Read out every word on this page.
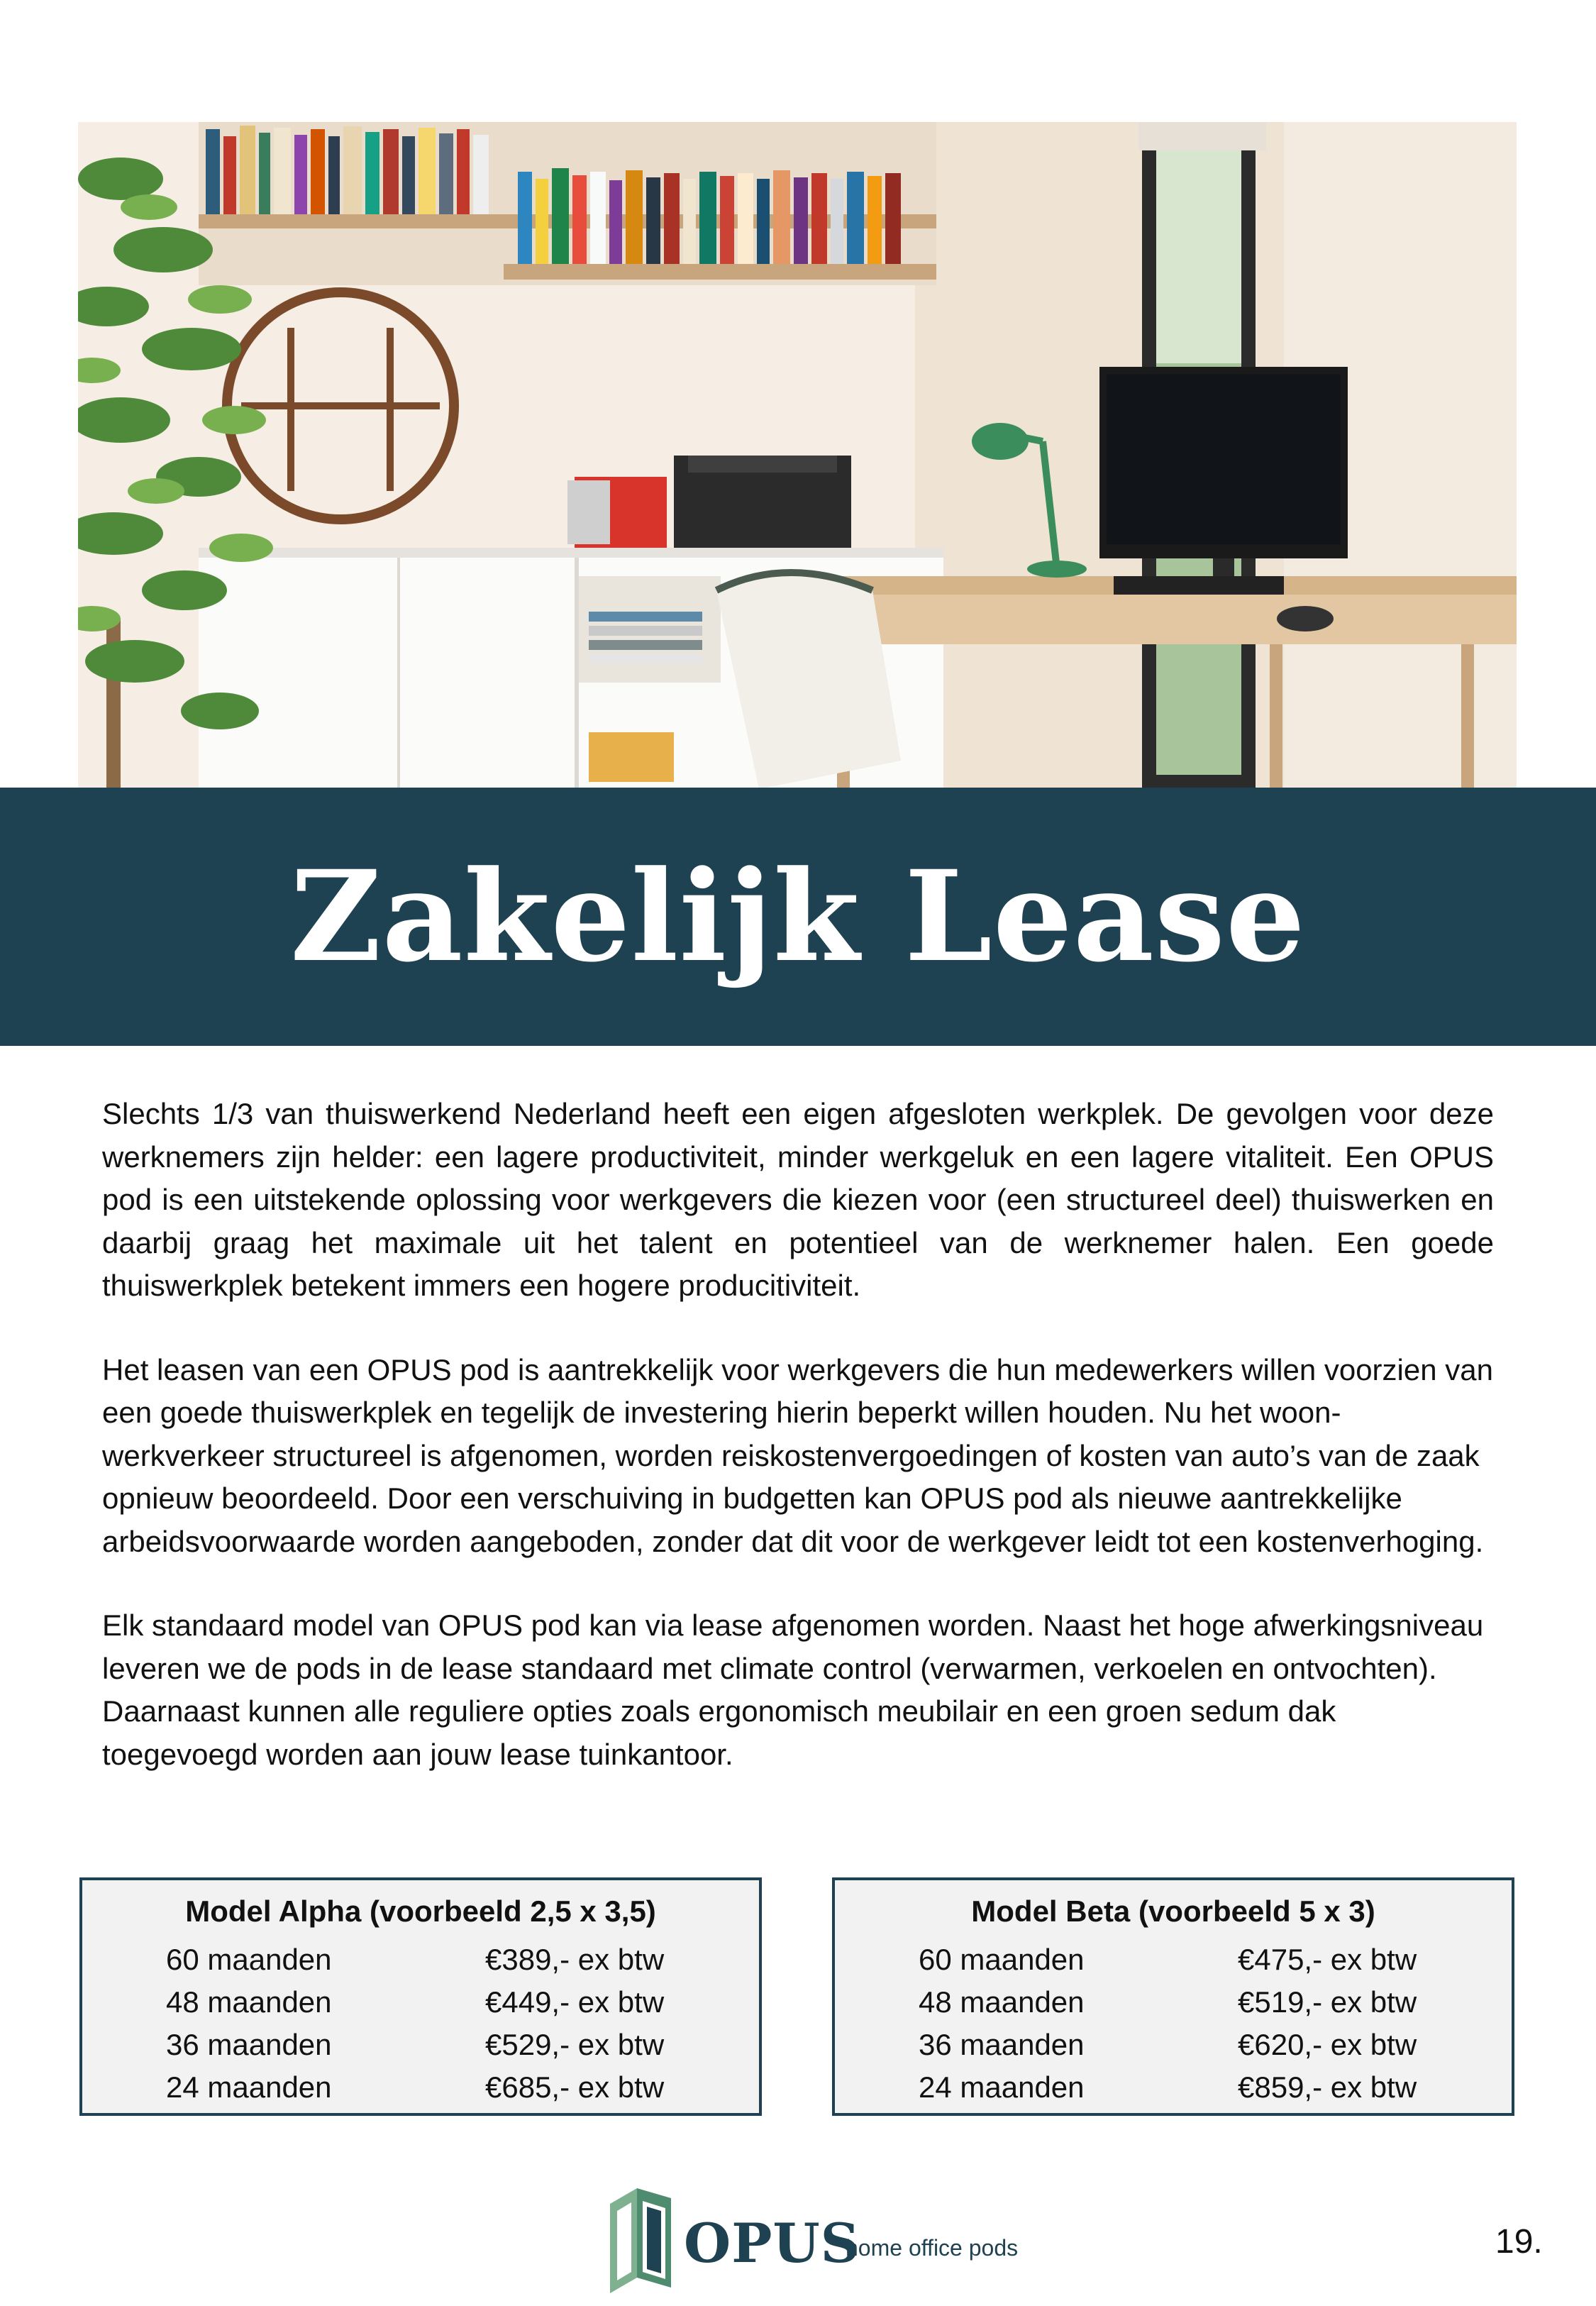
Zakelijk Lease

Slechts 1/3 van thuiswerkend Nederland heeft een eigen afgesloten werkplek. De gevolgen voor deze werknemers zijn helder: een lagere productiviteit, minder werkgeluk en een lagere vitaliteit. Een OPUS pod is een uitstekende oplossing voor werkgevers die kiezen voor (een structureel deel) thuiswerken en daarbij graag het maximale uit het talent en potentieel van de werknemer halen. Een goede thuiswerkplek betekent immers een hogere producitiviteit.

Het leasen van een OPUS pod is aantrekkelijk voor werkgevers die hun medewerkers willen voorzien van een goede thuiswerkplek en tegelijk de investering hierin beperkt willen houden. Nu het woon-werkverkeer structureel is afgenomen, worden reiskostenvergoedingen of kosten van auto’s van de zaak opnieuw beoordeeld. Door een verschuiving in budgetten kan OPUS pod als nieuwe aantrekkelijke arbeidsvoorwaarde worden aangeboden, zonder dat dit voor de werkgever leidt tot een kostenverhoging.

Elk standaard model van OPUS pod kan via lease afgenomen worden. Naast het hoge afwerkingsniveau leveren we de pods in de lease standaard met climate control (verwarmen, verkoelen en ontvochten). Daarnaast kunnen alle reguliere opties zoals ergonomisch meubilair en een groen sedum dak toegevoegd worden aan jouw lease tuinkantoor.

Model Alpha (voorbeeld 2,5 x 3,5)
60 maanden	€389,- ex btw
48 maanden	€449,- ex btw
36 maanden	€529,- ex btw
24 maanden	€685,- ex btw
Model Beta (voorbeeld 5 x 3)
60 maanden	€475,- ex btw
48 maanden	€519,- ex btw
36 maanden	€620,- ex btw
24 maanden	€859,- ex btw
OPUS
home office pods	19.
